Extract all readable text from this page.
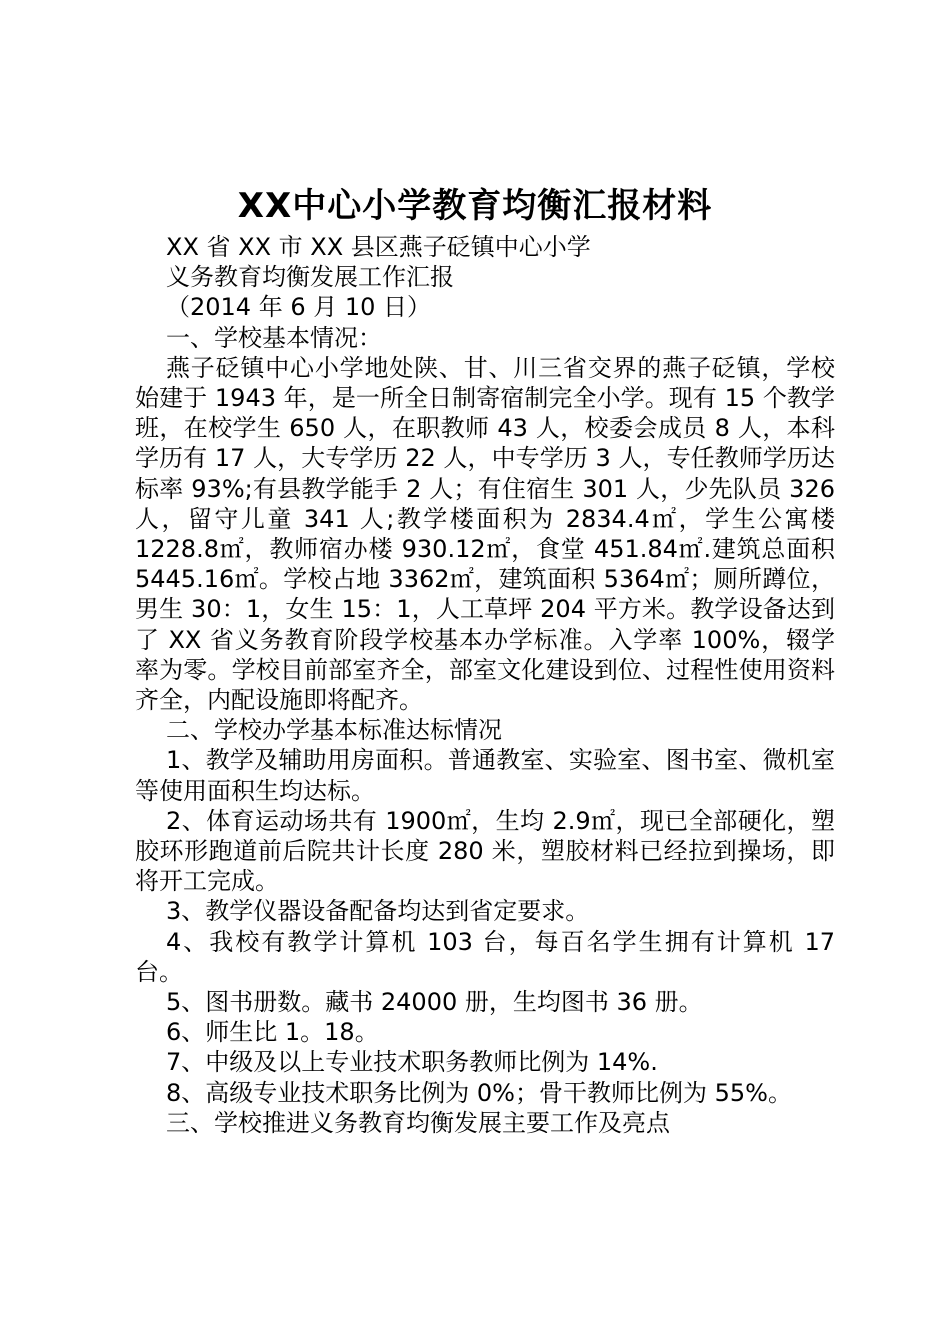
XX中心小学教育均衡汇报材料

XX 省 XX 市 XX 县区燕子砭镇中心小学

义务教育均衡发展工作汇报

（2014 年 6 月 10 日）

一、学校基本情况：

燕子砭镇中心小学地处陕、甘、川三省交界的燕子砭镇，学校始建于 1943 年，是一所全日制寄宿制完全小学。现有 15 个教学班，在校学生 650 人，在职教师 43 人，校委会成员 8 人，本科学历有 17 人，大专学历 22 人，中专学历 3 人，专任教师学历达标率 93%;有县教学能手 2 人；有住宿生 301 人，少先队员 326 人，留守儿童 341 人;教学楼面积为 2834.4㎡，学生公寓楼 1228.8㎡，教师宿办楼 930.12㎡，食堂 451.84㎡.建筑总面积 5445.16㎡。学校占地 3362㎡，建筑面积 5364㎡；厕所蹲位，男生 30：1，女生 15：1，人工草坪 204 平方米。教学设备达到了 XX 省义务教育阶段学校基本办学标准。入学率 100%，辍学率为零。学校目前部室齐全，部室文化建设到位、过程性使用资料齐全，内配设施即将配齐。

二、学校办学基本标准达标情况

1、教学及辅助用房面积。普通教室、实验室、图书室、微机室等使用面积生均达标。

2、体育运动场共有 1900㎡，生均 2.9㎡，现已全部硬化，塑胶环形跑道前后院共计长度 280 米，塑胶材料已经拉到操场，即将开工完成。

3、教学仪器设备配备均达到省定要求。

4、我校有教学计算机 103 台，每百名学生拥有计算机 17 台。

5、图书册数。藏书 24000 册，生均图书 36 册。

6、师生比 1。18。

7、中级及以上专业技术职务教师比例为 14%.

8、高级专业技术职务比例为 0%；骨干教师比例为 55%。

三、学校推进义务教育均衡发展主要工作及亮点
